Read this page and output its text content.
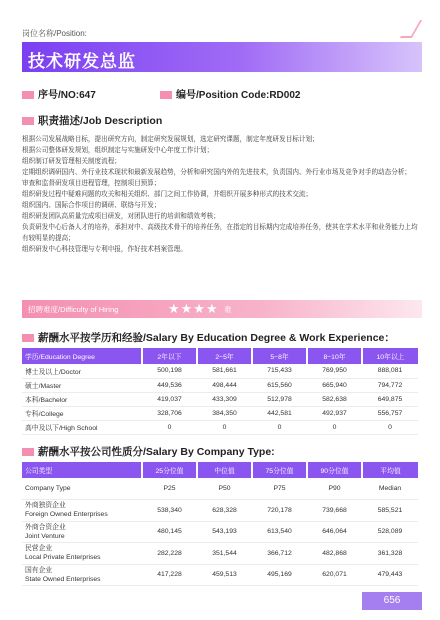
岗位名称/Position:
技术研发总监
序号/NO:647	编号/Position Code:RD002
职责描述/Job Description
根据公司发展战略目标，提出研究方向，制定研究发展规划，选定研究课题，制定年度研发目标计划；
根据公司整体研发规划，组织制定与实施研发中心年度工作计划；
组织制订研发管理相关制度流程；
定期组织调研国内、外行业技术现状和最新发展趋势，分析和研究国内外的先进技术，负责国内、外行业市场及竞争对手的动态分析；
审查和监督研发项目进程管理，控制项目预算；
组织研发过程中疑难问题的攻关和相关组织、部门之间工作协调，并组织开展多种形式的技术交流；
组织国内、国际合作项目的调研、联络与开发；
组织研发团队高质量完成项目研发，对团队进行的培训和绩效考核；
负责研发中心后备人才的培养，承担对中、高级技术骨干的培养任务，在指定的目标期内完成培养任务，使其在学术水平和业务能力上均有较明显的提高；
组织研发中心科技管理与专利申报，作好技术档案管理。
招聘难度/Difficulty of Hiring	★★★★ 难
薪酬水平按学历和经验/Salary By Education Degree & Work Experience：
学历/Education Degree	2年以下	2−5年	5−8年	8−10年	10年以上
博士及以上/Doctor	500,198	581,661	715,433	769,950	888,081
硕士/Master	449,536	498,444	615,560	665,940	794,772
本科/Bachelor	419,037	433,309	512,978	582,638	649,875
专科/College	328,706	384,350	442,581	492,937	556,757
高中及以下/High School	0	0	0	0	0
薪酬水平按公司性质分/Salary By Company Type:
公司类型	25分位值	中位值	75分位值	90分位值	平均值

Company Type	P25	P50	P75	P90	Median

外商独资企业
Foreign Owned Enterprises	538,340	628,328	720,178	739,668	585,521

外商合资企业
Joint Venture	480,145	543,193	613,540	646,064	528,089

民营企业
Local Private Enterprises	282,228	351,544	366,712	482,868	361,328

国有企业
State Owned Enterprises	417,228	459,513	495,169	620,071	479,443
656
